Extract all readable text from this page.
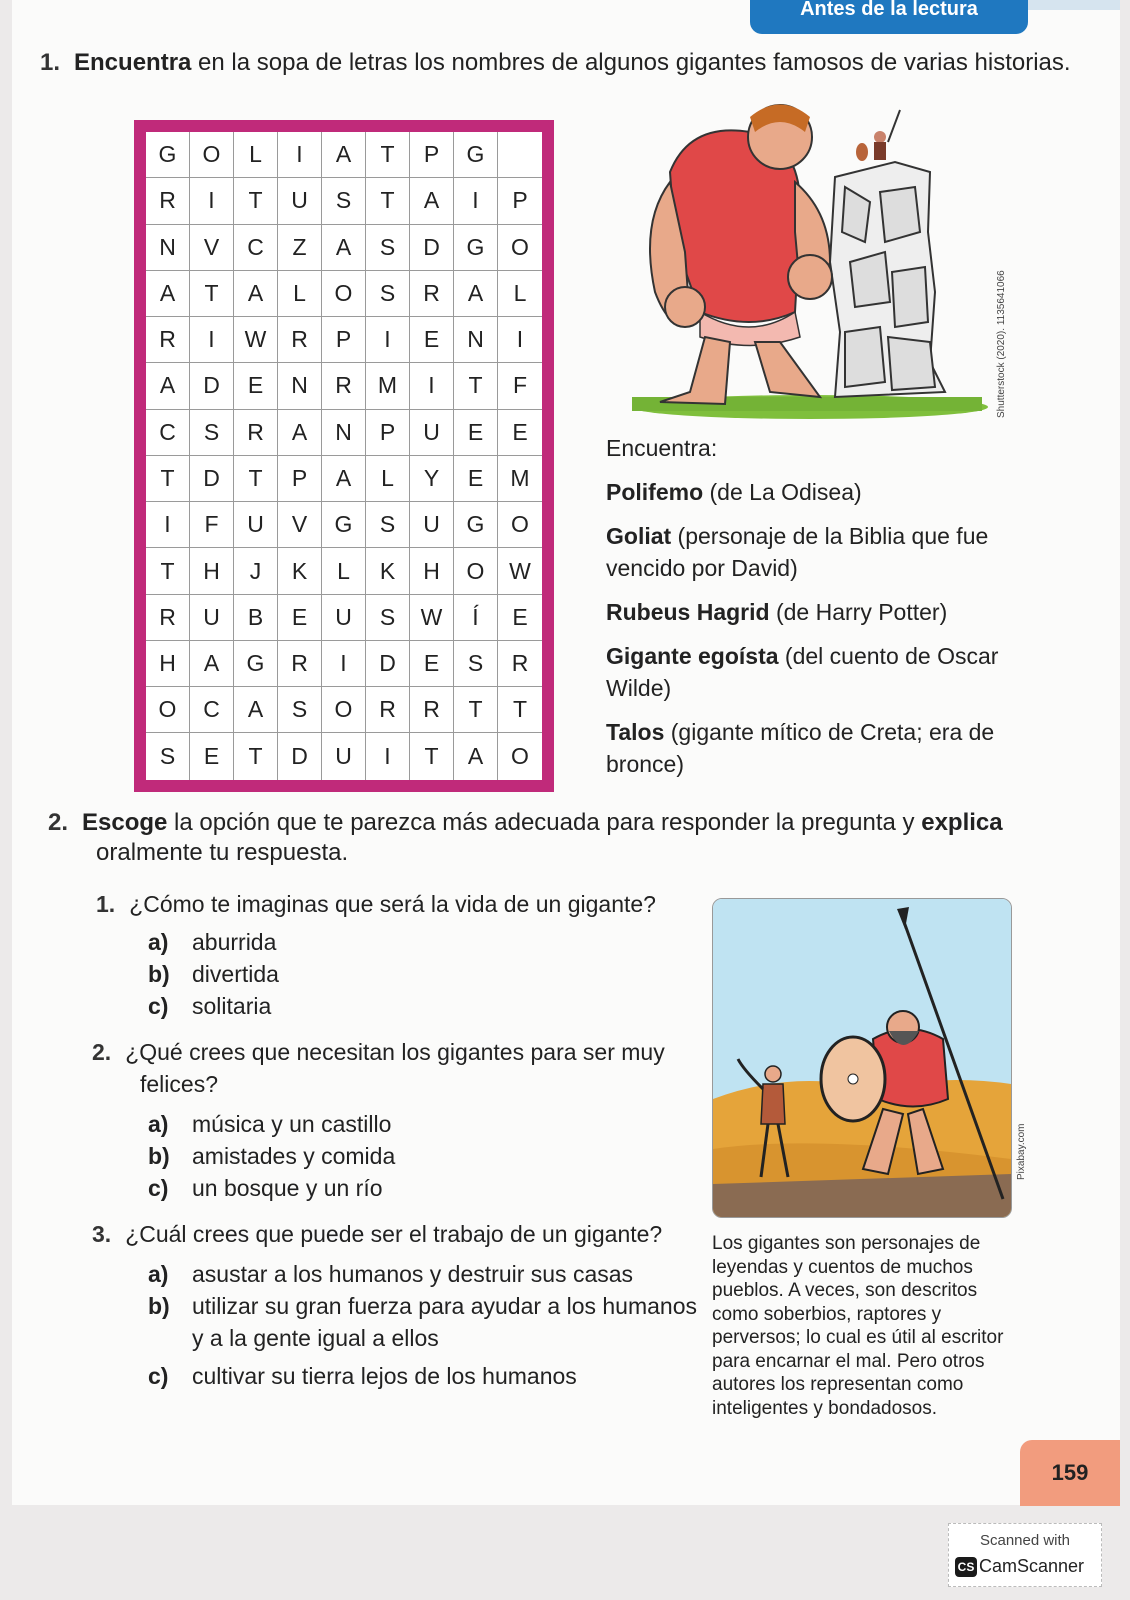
Antes de la lectura
1. Encuentra en la sopa de letras los nombres de algunos gigantes famosos de varias historias.
G	O	L	I	A	T	P	G
R	I	T	U	S	T	A	I	P
N	V	C	Z	A	S	D	G	O
A	T	A	L	O	S	R	A	L
R	I	W	R	P	I	E	N	I
A	D	E	N	R	M	I	T	F
C	S	R	A	N	P	U	E	E
T	D	T	P	A	L	Y	E	M
I	F	U	V	G	S	U	G	O
T	H	J	K	L	K	H	O	W
R	U	B	E	U	S	W	Í	E
H	A	G	R	I	D	E	S	R
O	C	A	S	O	R	R	T	T
S	E	T	D	U	I	T	A	O
Shutterstock (2020). 1135641066
Encuentra:
Polifemo (de La Odisea)
Goliat (personaje de la Biblia que fue
vencido por David)
Rubeus Hagrid (de Harry Potter)
Gigante egoísta (del cuento de Oscar
Wilde)
Talos (gigante mítico de Creta; era de
bronce)
2. Escoge la opción que te parezca más adecuada para responder la pregunta y explica
oralmente tu respuesta.
1. ¿Cómo te imaginas que será la vida de un gigante?
a) aburrida
b) divertida
c) solitaria
2. ¿Qué crees que necesitan los gigantes para ser muy
felices?
a) música y un castillo
b) amistades y comida
c) un bosque y un río
3. ¿Cuál crees que puede ser el trabajo de un gigante?
a) asustar a los humanos y destruir sus casas
b) utilizar su gran fuerza para ayudar a los humanos
y a la gente igual a ellos
c) cultivar su tierra lejos de los humanos
Pixabay.com
Los gigantes son personajes de
leyendas y cuentos de muchos
pueblos. A veces, son descritos
como soberbios, raptores y
perversos; lo cual es útil al escritor
para encarnar el mal. Pero otros
autores los representan como
inteligentes y bondadosos.
159
Scanned with
CS CamScanner
